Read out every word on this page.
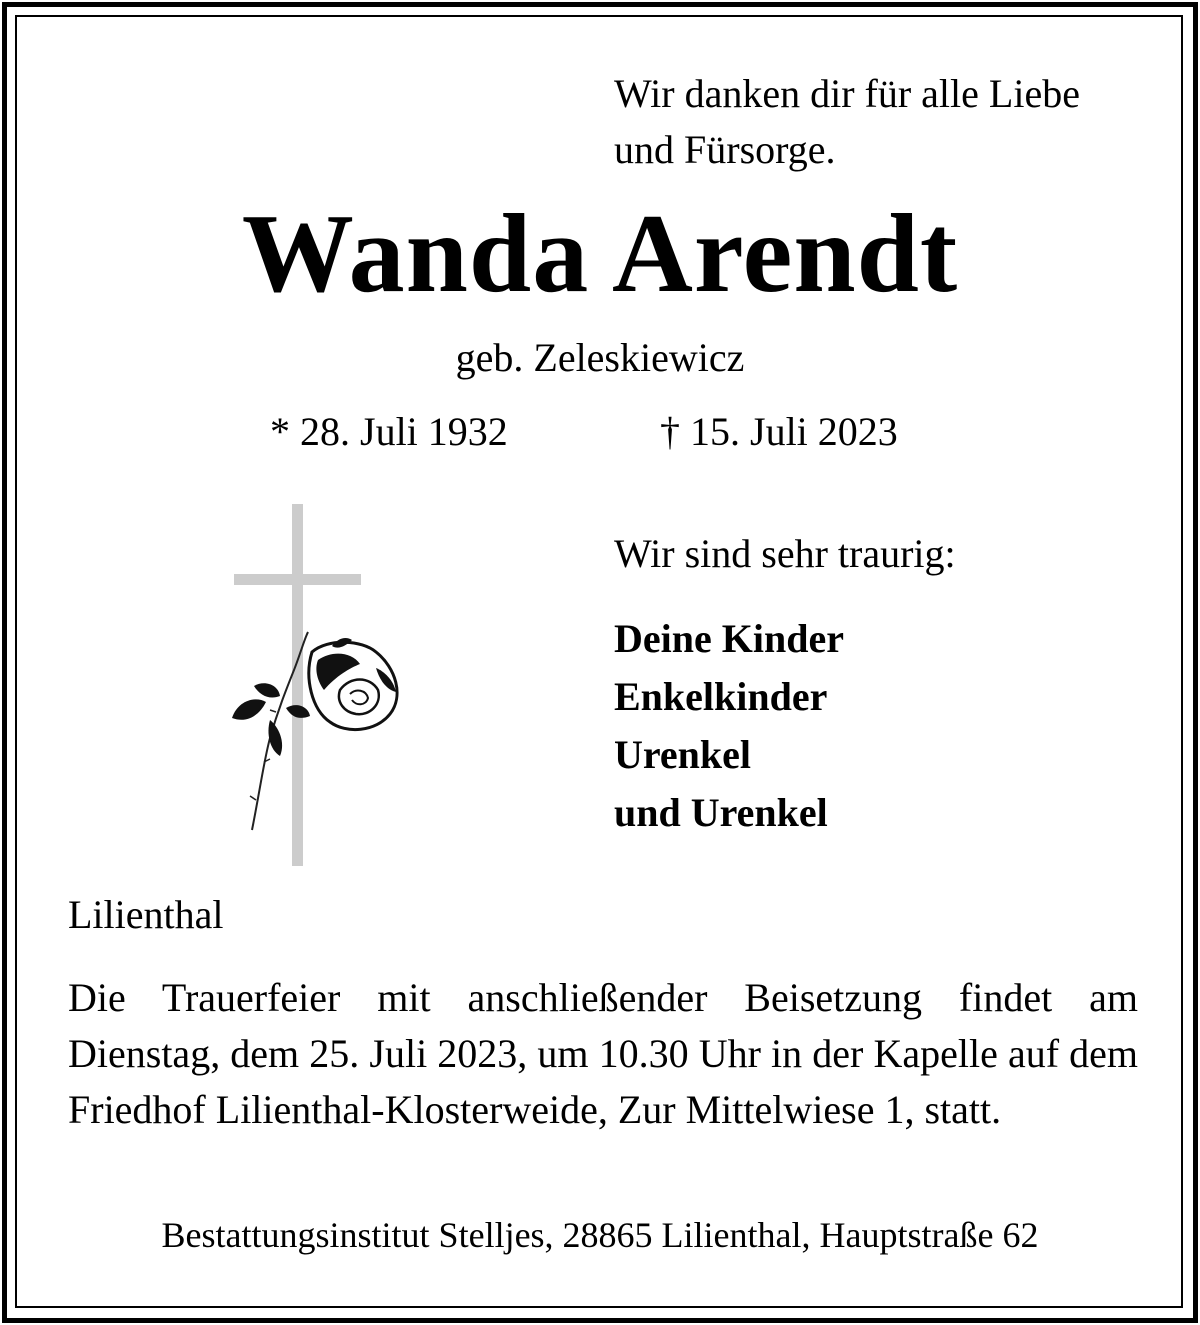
Wir danken dir für alle Liebe
und Fürsorge.
Wanda Arendt
geb. Zeleskiewicz
* 28. Juli 1932	† 15. Juli 2023
Wir sind sehr traurig:
Deine Kinder
Enkelkinder
Urenkel
und Urenkel
Lilienthal
Die Trauerfeier mit anschließender Beisetzung findet am Dienstag, dem 25. Juli 2023, um 10.30 Uhr in der Kapelle auf dem Friedhof Lilienthal-Klosterweide, Zur Mittelwiese 1, statt.
Bestattungsinstitut Stelljes, 28865 Lilienthal, Hauptstraße 62
